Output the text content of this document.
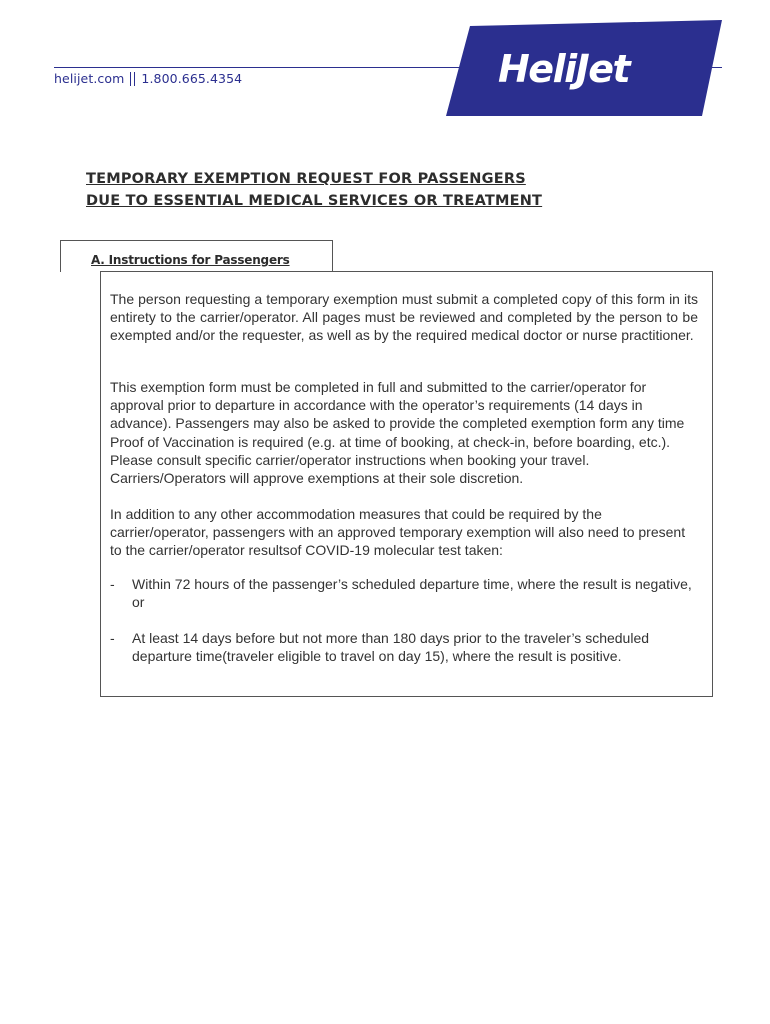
helijet.com 1.800.665.4354	HeliJet
TEMPORARY EXEMPTION REQUEST FOR PASSENGERS
DUE TO ESSENTIAL MEDICAL SERVICES OR TREATMENT
A. Instructions for Passengers

The person requesting a temporary exemption must submit a completed copy of this form in its entirety to the carrier/operator. All pages must be reviewed and completed by the person to be exempted and/or the requester, as well as by the required medical doctor or nurse practitioner.

This exemption form must be completed in full and submitted to the carrier/operator for approval prior to departure in accordance with the operator’s requirements (14 days in advance). Passengers may also be asked to provide the completed exemption form any time Proof of Vaccination is required (e.g. at time of booking, at check-in, before boarding, etc.). Please consult specific carrier/operator instructions when booking your travel. Carriers/Operators will approve exemptions at their sole discretion.

In addition to any other accommodation measures that could be required by the carrier/operator, passengers with an approved temporary exemption will also need to present to the carrier/operator resultsof COVID-19 molecular test taken:

- Within 72 hours of the passenger’s scheduled departure time, where the result is negative, or
- At least 14 days before but not more than 180 days prior to the traveler’s scheduled departure time(traveler eligible to travel on day 15), where the result is positive.
